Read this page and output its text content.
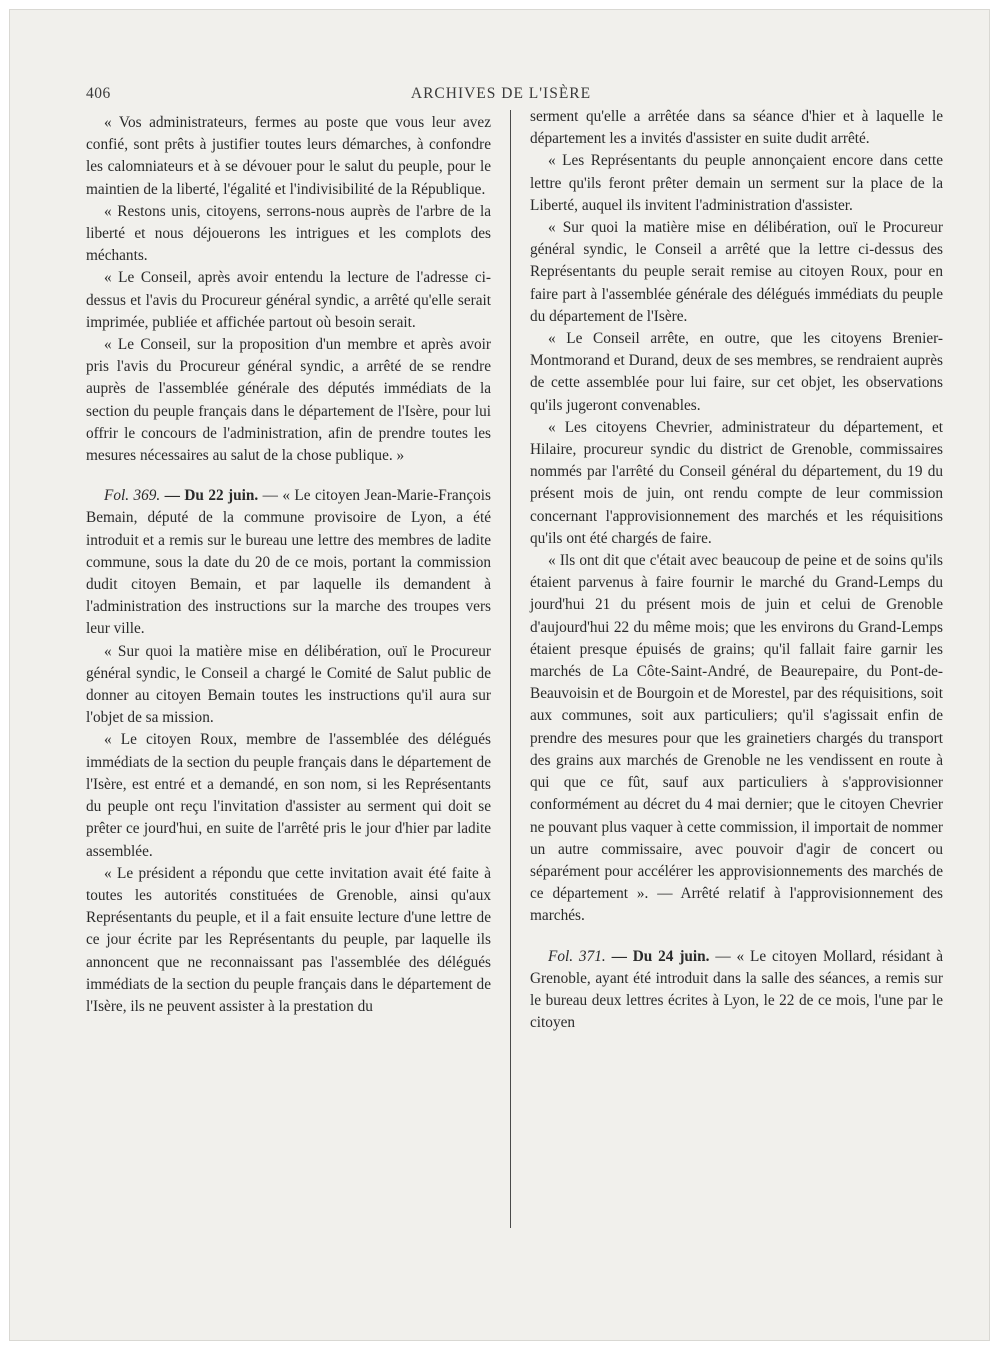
406	ARCHIVES DE L'ISÈRE

« Vos administrateurs, fermes au poste que vous leur avez confié, sont prêts à justifier toutes leurs démarches, à confondre les calomniateurs et à se dévouer pour le salut du peuple, pour le maintien de la liberté, l'égalité et l'indivisibilité de la République.

« Restons unis, citoyens, serrons-nous auprès de l'arbre de la liberté et nous déjouerons les intrigues et les complots des méchants.

« Le Conseil, après avoir entendu la lecture de l'adresse ci-dessus et l'avis du Procureur général syndic, a arrêté qu'elle serait imprimée, publiée et affichée partout où besoin serait.

« Le Conseil, sur la proposition d'un membre et après avoir pris l'avis du Procureur général syndic, a arrêté de se rendre auprès de l'assemblée générale des députés immédiats de la section du peuple français dans le département de l'Isère, pour lui offrir le concours de l'administration, afin de prendre toutes les mesures nécessaires au salut de la chose publique. »

Fol. 369. — Du 22 juin. — « Le citoyen Jean-Marie-François Bemain, député de la commune provisoire de Lyon, a été introduit et a remis sur le bureau une lettre des membres de ladite commune, sous la date du 20 de ce mois, portant la commission dudit citoyen Bemain, et par laquelle ils demandent à l'administration des instructions sur la marche des troupes vers leur ville.

« Sur quoi la matière mise en délibération, ouï le Procureur général syndic, le Conseil a chargé le Comité de Salut public de donner au citoyen Bemain toutes les instructions qu'il aura sur l'objet de sa mission.

« Le citoyen Roux, membre de l'assemblée des délégués immédiats de la section du peuple français dans le département de l'Isère, est entré et a demandé, en son nom, si les Représentants du peuple ont reçu l'invitation d'assister au serment qui doit se prêter ce jourd'hui, en suite de l'arrêté pris le jour d'hier par ladite assemblée.

« Le président a répondu que cette invitation avait été faite à toutes les autorités constituées de Grenoble, ainsi qu'aux Représentants du peuple, et il a fait ensuite lecture d'une lettre de ce jour écrite par les Représentants du peuple, par laquelle ils annoncent que ne reconnaissant pas l'assemblée des délégués immédiats de la section du peuple français dans le département de l'Isère, ils ne peuvent assister à la prestation du

serment qu'elle a arrêtée dans sa séance d'hier et à laquelle le département les a invités d'assister en suite dudit arrêté.

« Les Représentants du peuple annonçaient encore dans cette lettre qu'ils feront prêter demain un serment sur la place de la Liberté, auquel ils invitent l'administration d'assister.

« Sur quoi la matière mise en délibération, ouï le Procureur général syndic, le Conseil a arrêté que la lettre ci-dessus des Représentants du peuple serait remise au citoyen Roux, pour en faire part à l'assemblée générale des délégués immédiats du peuple du département de l'Isère.

« Le Conseil arrête, en outre, que les citoyens Brenier-Montmorand et Durand, deux de ses membres, se rendraient auprès de cette assemblée pour lui faire, sur cet objet, les observations qu'ils jugeront convenables.

« Les citoyens Chevrier, administrateur du département, et Hilaire, procureur syndic du district de Grenoble, commissaires nommés par l'arrêté du Conseil général du département, du 19 du présent mois de juin, ont rendu compte de leur commission concernant l'approvisionnement des marchés et les réquisitions qu'ils ont été chargés de faire.

« Ils ont dit que c'était avec beaucoup de peine et de soins qu'ils étaient parvenus à faire fournir le marché du Grand-Lemps du jourd'hui 21 du présent mois de juin et celui de Grenoble d'aujourd'hui 22 du même mois; que les environs du Grand-Lemps étaient presque épuisés de grains; qu'il fallait faire garnir les marchés de La Côte-Saint-André, de Beaurepaire, du Pont-de-Beauvoisin et de Bourgoin et de Morestel, par des réquisitions, soit aux communes, soit aux particuliers; qu'il s'agissait enfin de prendre des mesures pour que les grainetiers chargés du transport des grains aux marchés de Grenoble ne les vendissent en route à qui que ce fût, sauf aux particuliers à s'approvisionner conformément au décret du 4 mai dernier; que le citoyen Chevrier ne pouvant plus vaquer à cette commission, il importait de nommer un autre commissaire, avec pouvoir d'agir de concert ou séparément pour accélérer les approvisionnements des marchés de ce département ». — Arrêté relatif à l'approvisionnement des marchés.

Fol. 371. — Du 24 juin. — « Le citoyen Mollard, résidant à Grenoble, ayant été introduit dans la salle des séances, a remis sur le bureau deux lettres écrites à Lyon, le 22 de ce mois, l'une par le citoyen
